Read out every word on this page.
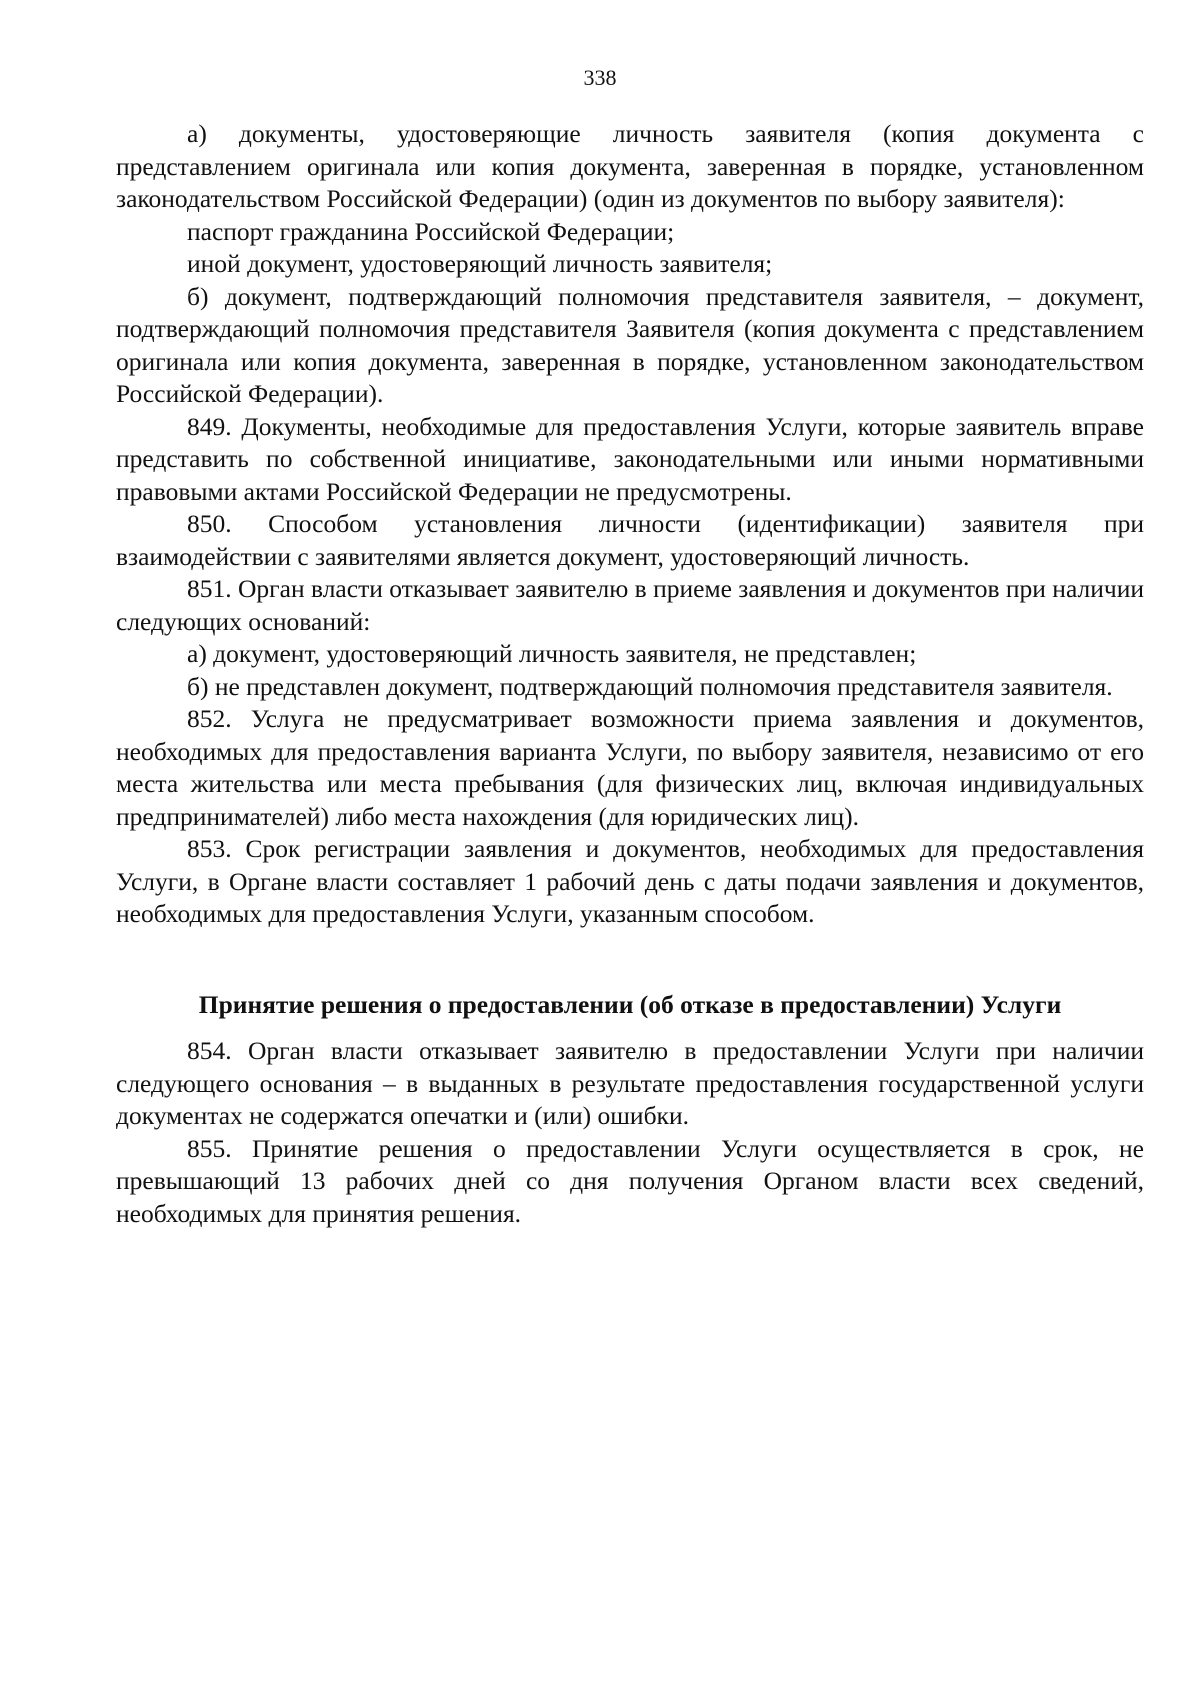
338

а) документы, удостоверяющие личность заявителя (копия документа с представлением оригинала или копия документа, заверенная в порядке, установленном законодательством Российской Федерации) (один из документов по выбору заявителя):

паспорт гражданина Российской Федерации;

иной документ, удостоверяющий личность заявителя;

б) документ, подтверждающий полномочия представителя заявителя, – документ, подтверждающий полномочия представителя Заявителя (копия документа с представлением оригинала или копия документа, заверенная в порядке, установленном законодательством Российской Федерации).

849. Документы, необходимые для предоставления Услуги, которые заявитель вправе представить по собственной инициативе, законодательными или иными нормативными правовыми актами Российской Федерации не предусмотрены.

850. Способом установления личности (идентификации) заявителя при взаимодействии с заявителями является документ, удостоверяющий личность.

851. Орган власти отказывает заявителю в приеме заявления и документов при наличии следующих оснований:

а) документ, удостоверяющий личность заявителя, не представлен;

б) не представлен документ, подтверждающий полномочия представителя заявителя.

852. Услуга не предусматривает возможности приема заявления и документов, необходимых для предоставления варианта Услуги, по выбору заявителя, независимо от его места жительства или места пребывания (для физических лиц, включая индивидуальных предпринимателей) либо места нахождения (для юридических лиц).

853. Срок регистрации заявления и документов, необходимых для предоставления Услуги, в Органе власти составляет 1 рабочий день с даты подачи заявления и документов, необходимых для предоставления Услуги, указанным способом.

Принятие решения о предоставлении (об отказе в предоставлении) Услуги

854. Орган власти отказывает заявителю в предоставлении Услуги при наличии следующего основания – в выданных в результате предоставления государственной услуги документах не содержатся опечатки и (или) ошибки.

855. Принятие решения о предоставлении Услуги осуществляется в срок, не превышающий 13 рабочих дней со дня получения Органом власти всех сведений, необходимых для принятия решения.
